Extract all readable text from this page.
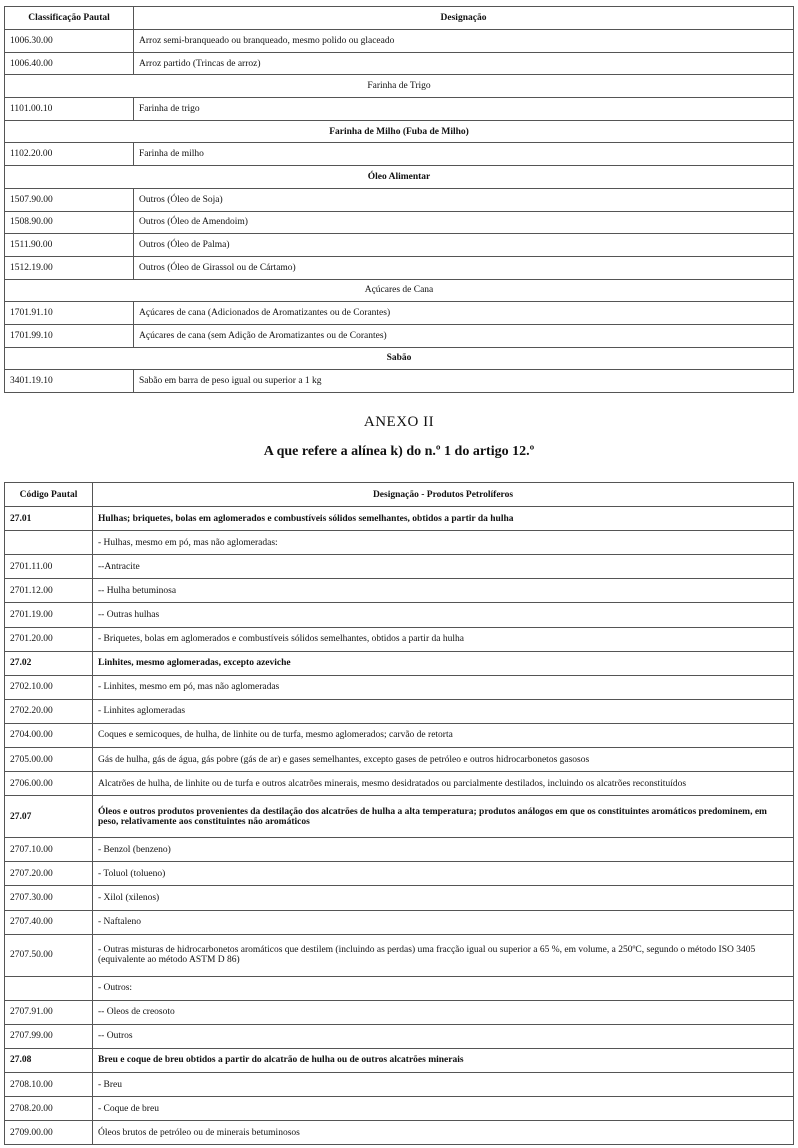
Classificação Pautal	Designação
1006.30.00	Arroz semi-branqueado ou branqueado, mesmo polido ou glaceado
1006.40.00	Arroz partido (Trincas de arroz)
Farinha de Trigo	
1101.00.10	Farinha de trigo
Farinha de Milho (Fuba de Milho)	
1102.20.00	Farinha de milho
Óleo Alimentar	
1507.90.00	Outros (Óleo de Soja)
1508.90.00	Outros (Óleo de Amendoim)
1511.90.00	Outros (Óleo de Palma)
1512.19.00	Outros (Óleo de Girassol ou de Cártamo)
Açúcares de Cana	
1701.91.10	Açúcares de cana (Adicionados de Aromatizantes ou de Corantes)
1701.99.10	Açúcares de cana (sem Adição de Aromatizantes ou de Corantes)
Sabão	
3401.19.10	Sabão em barra de peso igual ou superior a 1 kg
ANEXO II
A que refere a alínea k) do n.º 1 do artigo 12.º
Código Pautal	Designação - Produtos Petrolíferos
27.01	Hulhas; briquetes, bolas em aglomerados e combustíveis sólidos semelhantes, obtidos a partir da hulha
	- Hulhas, mesmo em pó, mas não aglomeradas:
2701.11.00	--Antracite
2701.12.00	-- Hulha betuminosa
2701.19.00	-- Outras hulhas
2701.20.00	- Briquetes, bolas em aglomerados e combustíveis sólidos semelhantes, obtidos a partir da hulha
27.02	Linhites, mesmo aglomeradas, excepto azeviche
2702.10.00	- Linhites, mesmo em pó, mas não aglomeradas
2702.20.00	- Linhites aglomeradas
2704.00.00	Coques e semicoques, de hulha, de linhite ou de turfa, mesmo aglomerados; carvão de retorta
2705.00.00	Gás de hulha, gás de água, gás pobre (gás de ar) e gases semelhantes, excepto gases de petróleo e outros hidrocarbonetos gasosos
2706.00.00	Alcatrões de hulha, de linhite ou de turfa e outros alcatrões minerais, mesmo desidratados ou parcialmente destilados, incluindo os alcatrões reconstituídos
27.07	Óleos e outros produtos provenientes da destilação dos alcatrões de hulha a alta temperatura; produtos análogos em que os constituintes aromáticos predominem, em peso, relativamente aos constituintes não aromáticos
2707.10.00	- Benzol (benzeno)
2707.20.00	- Toluol (tolueno)
2707.30.00	- Xilol (xilenos)
2707.40.00	- Naftaleno
2707.50.00	- Outras misturas de hidrocarbonetos aromáticos que destilem (incluindo as perdas) uma fracção igual ou superior a 65 %, em volume, a 250ºC, segundo o método ISO 3405 (equivalente ao método ASTM D 86)
	- Outros:
2707.91.00	-- Oleos de creosoto
2707.99.00	-- Outros
27.08	Breu e coque de breu obtidos a partir do alcatrão de hulha ou de outros alcatrões minerais
2708.10.00	- Breu
2708.20.00	- Coque de breu
2709.00.00	Óleos brutos de petróleo ou de minerais betuminosos
